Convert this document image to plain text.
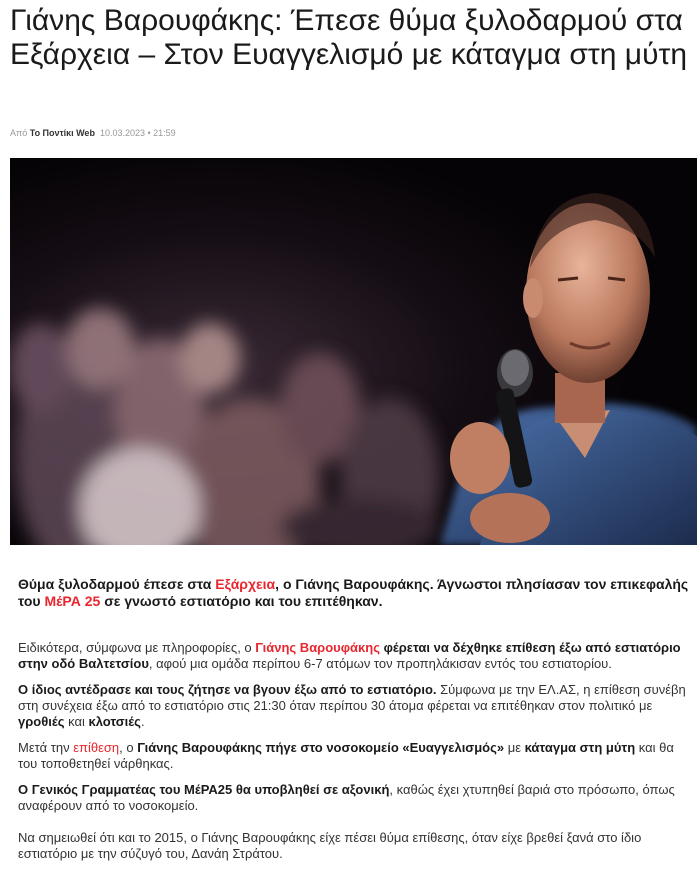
Γιάνης Βαρουφάκης: Έπεσε θύμα ξυλοδαρμού στα Εξάρχεια – Στον Ευαγγελισμό με κάταγμα στη μύτη
Από Το Ποντίκι Web 10.03.2023 • 21:59

Θύμα ξυλοδαρμού έπεσε στα Εξάρχεια, ο Γιάνης Βαρουφάκης. Άγνωστοι πλησίασαν τον επικεφαλής του ΜέΡΑ 25 σε γνωστό εστιατόριο και του επιτέθηκαν.

Ειδικότερα, σύμφωνα με πληροφορίες, ο Γιάνης Βαρουφάκης φέρεται να δέχθηκε επίθεση έξω από εστιατόριο στην οδό Βαλτετσίου, αφού μια ομάδα περίπου 6-7 ατόμων τον προπηλάκισαν εντός του εστιατορίου.

Ο ίδιος αντέδρασε και τους ζήτησε να βγουν έξω από το εστιατόριο. Σύμφωνα με την ΕΛ.ΑΣ, η επίθεση συνέβη στη συνέχεια έξω από το εστιατόριο στις 21:30 όταν περίπου 30 άτομα φέρεται να επιτέθηκαν στον πολιτικό με γροθιές και κλοτσιές.

Μετά την επίθεση, ο Γιάνης Βαρουφάκης πήγε στο νοσοκομείο «Ευαγγελισμός» με κάταγμα στη μύτη και θα του τοποθετηθεί νάρθηκας.

Ο Γενικός Γραμματέας του ΜέΡΑ25 θα υποβληθεί σε αξονική, καθώς έχει χτυπηθεί βαριά στο πρόσωπο, όπως αναφέρουν από το νοσοκομείο.

Να σημειωθεί ότι και το 2015, ο Γιάνης Βαρουφάκης είχε πέσει θύμα επίθεσης, όταν είχε βρεθεί ξανά στο ίδιο εστιατόριο με την σύζυγό του, Δανάη Στράτου.
